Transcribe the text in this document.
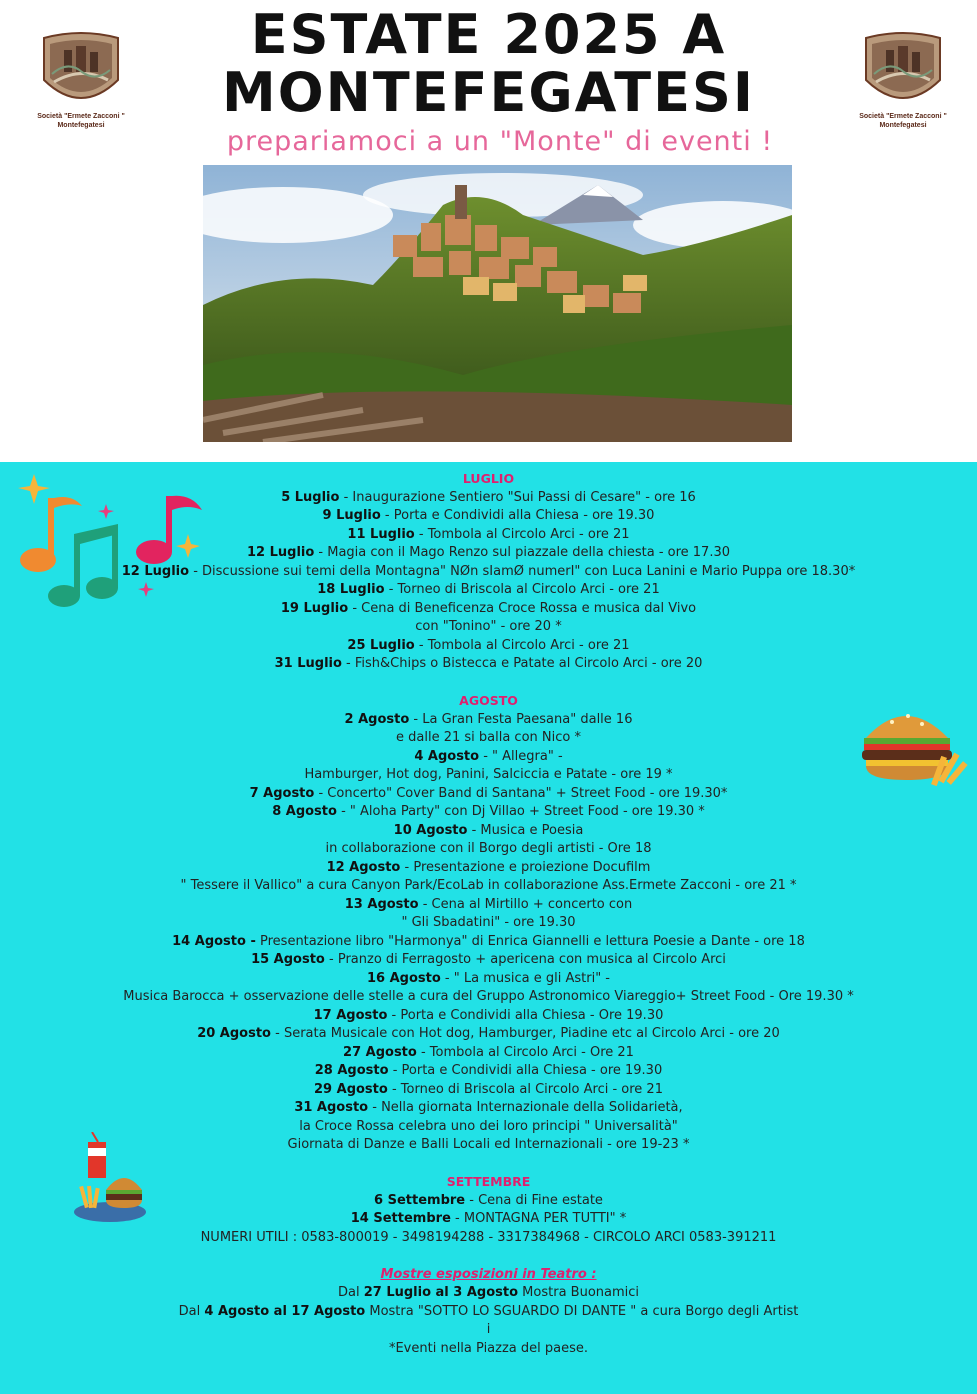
ESTATE 2025 A
MONTEFEGATESI
prepariamoci a un "Monte" di eventi !
Società "Ermete Zacconi "
Montefegatesi
Società "Ermete Zacconi "
Montefegatesi
LUGLIO
5 Luglio - Inaugurazione Sentiero "Sui Passi di Cesare" - ore 16
9 Luglio - Porta e Condividi alla Chiesa - ore 19.30
11 Luglio - Tombola al Circolo Arci - ore 21
12 Luglio - Magia con il Mago Renzo sul piazzale della chiesta - ore 17.30
12 Luglio - Discussione sui temi della Montagna" NØn sIamØ numerI" con Luca Lanini e Mario Puppa ore 18.30*
18 Luglio - Torneo di Briscola al Circolo Arci - ore 21
19 Luglio - Cena di Beneficenza Croce Rossa e musica dal Vivo
con "Tonino" - ore 20 *
25 Luglio - Tombola al Circolo Arci - ore 21
31 Luglio - Fish&Chips o Bistecca e Patate al Circolo Arci - ore 20
AGOSTO
2 Agosto - La Gran Festa Paesana" dalle 16
e dalle 21 si balla con Nico *
4 Agosto - " Allegra" -
Hamburger, Hot dog, Panini, Salciccia e Patate - ore 19 *
7 Agosto - Concerto" Cover Band di Santana" + Street Food - ore 19.30*
8 Agosto - " Aloha Party" con Dj Villao + Street Food - ore 19.30 *
10 Agosto - Musica e Poesia
in collaborazione con il Borgo degli artisti - Ore 18
12 Agosto - Presentazione e proiezione Docufilm
" Tessere il Vallico" a cura Canyon Park/EcoLab in collaborazione Ass.Ermete Zacconi - ore 21 *
13 Agosto - Cena al Mirtillo + concerto con
" Gli Sbadatini" - ore 19.30
14 Agosto - Presentazione libro "Harmonya" di Enrica Giannelli e lettura Poesie a Dante - ore 18
15 Agosto - Pranzo di Ferragosto + apericena con musica al Circolo Arci
16 Agosto - " La musica e gli Astri" -
Musica Barocca + osservazione delle stelle a cura del Gruppo Astronomico Viareggio+ Street Food - Ore 19.30 *
17 Agosto - Porta e Condividi alla Chiesa - Ore 19.30
20 Agosto - Serata Musicale con Hot dog, Hamburger, Piadine etc al Circolo Arci - ore 20
27 Agosto - Tombola al Circolo Arci - Ore 21
28 Agosto - Porta e Condividi alla Chiesa - ore 19.30
29 Agosto - Torneo di Briscola al Circolo Arci - ore 21
31 Agosto - Nella giornata Internazionale della Solidarietà,
la Croce Rossa celebra uno dei loro principi " Universalità"
Giornata di Danze e Balli Locali ed Internazionali - ore 19-23 *
SETTEMBRE
6 Settembre - Cena di Fine estate
14 Settembre - MONTAGNA PER TUTTI" *
NUMERI UTILI : 0583-800019 - 3498194288 - 3317384968 - CIRCOLO ARCI 0583-391211
Mostre esposizioni in Teatro :
Dal 27 Luglio al 3 Agosto Mostra Buonamici
Dal 4 Agosto al 17 Agosto Mostra "SOTTO LO SGUARDO DI DANTE " a cura Borgo degli Artist
i
*Eventi nella Piazza del paese.
